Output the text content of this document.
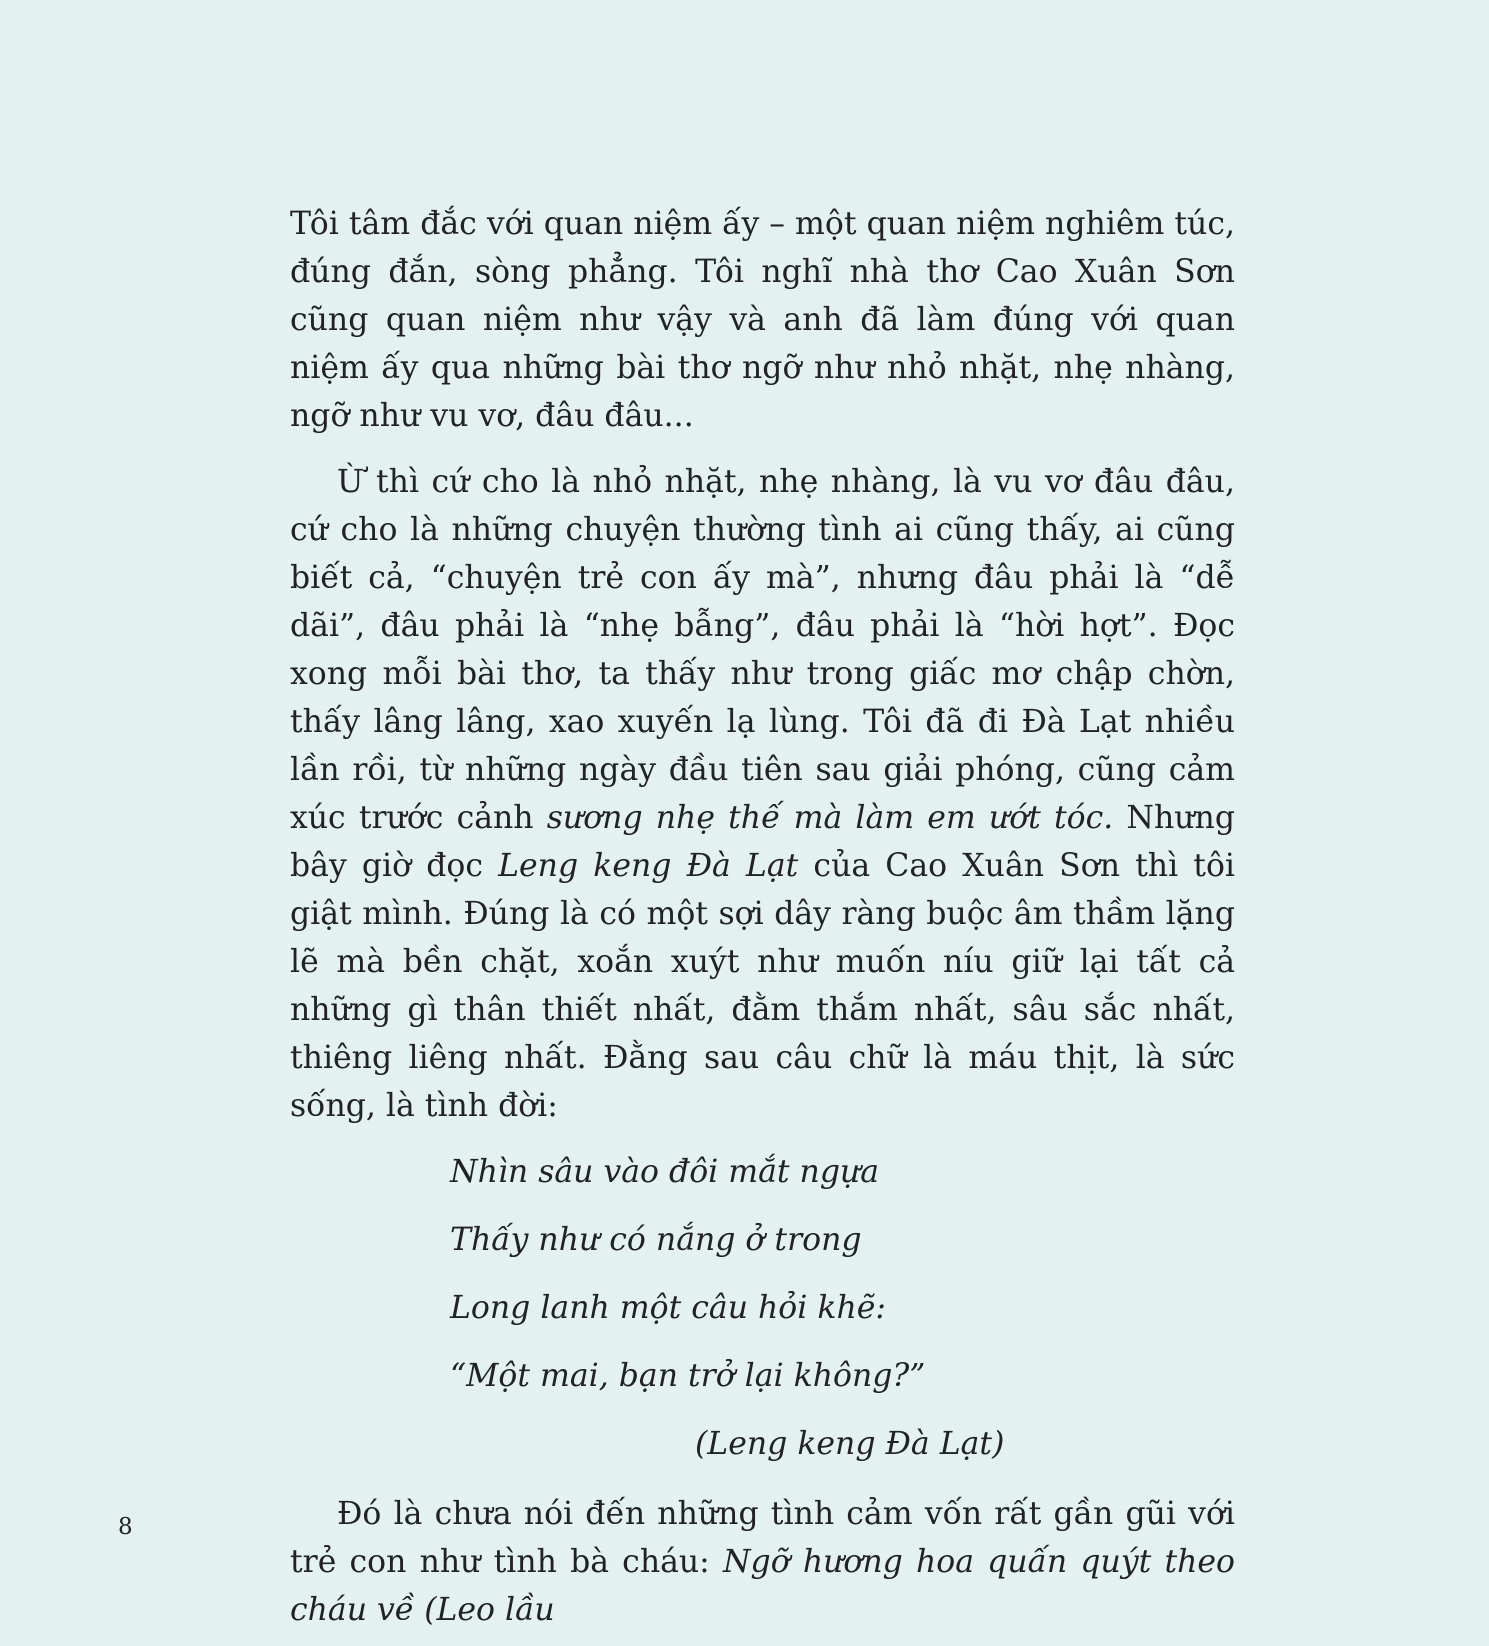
Tôi tâm đắc với quan niệm ấy – một quan niệm nghiêm túc, đúng đắn, sòng phẳng. Tôi nghĩ nhà thơ Cao Xuân Sơn cũng quan niệm như vậy và anh đã làm đúng với quan niệm ấy qua những bài thơ ngỡ như nhỏ nhặt, nhẹ nhàng, ngỡ như vu vơ, đâu đâu...

Ừ thì cứ cho là nhỏ nhặt, nhẹ nhàng, là vu vơ đâu đâu, cứ cho là những chuyện thường tình ai cũng thấy, ai cũng biết cả, “chuyện trẻ con ấy mà”, nhưng đâu phải là “dễ dãi”, đâu phải là “nhẹ bẫng”, đâu phải là “hời hợt”. Đọc xong mỗi bài thơ, ta thấy như trong giấc mơ chập chờn, thấy lâng lâng, xao xuyến lạ lùng. Tôi đã đi Đà Lạt nhiều lần rồi, từ những ngày đầu tiên sau giải phóng, cũng cảm xúc trước cảnh sương nhẹ thế mà làm em ướt tóc. Nhưng bây giờ đọc Leng keng Đà Lạt của Cao Xuân Sơn thì tôi giật mình. Đúng là có một sợi dây ràng buộc âm thầm lặng lẽ mà bền chặt, xoắn xuýt như muốn níu giữ lại tất cả những gì thân thiết nhất, đằm thắm nhất, sâu sắc nhất, thiêng liêng nhất. Đằng sau câu chữ là máu thịt, là sức sống, là tình đời:

Nhìn sâu vào đôi mắt ngựa
Thấy như có nắng ở trong
Long lanh một câu hỏi khẽ:
“Một mai, bạn trở lại không?”
(Leng keng Đà Lạt)

Đó là chưa nói đến những tình cảm vốn rất gần gũi với trẻ con như tình bà cháu: Ngỡ hương hoa quấn quýt theo cháu về (Leo lầu

8
